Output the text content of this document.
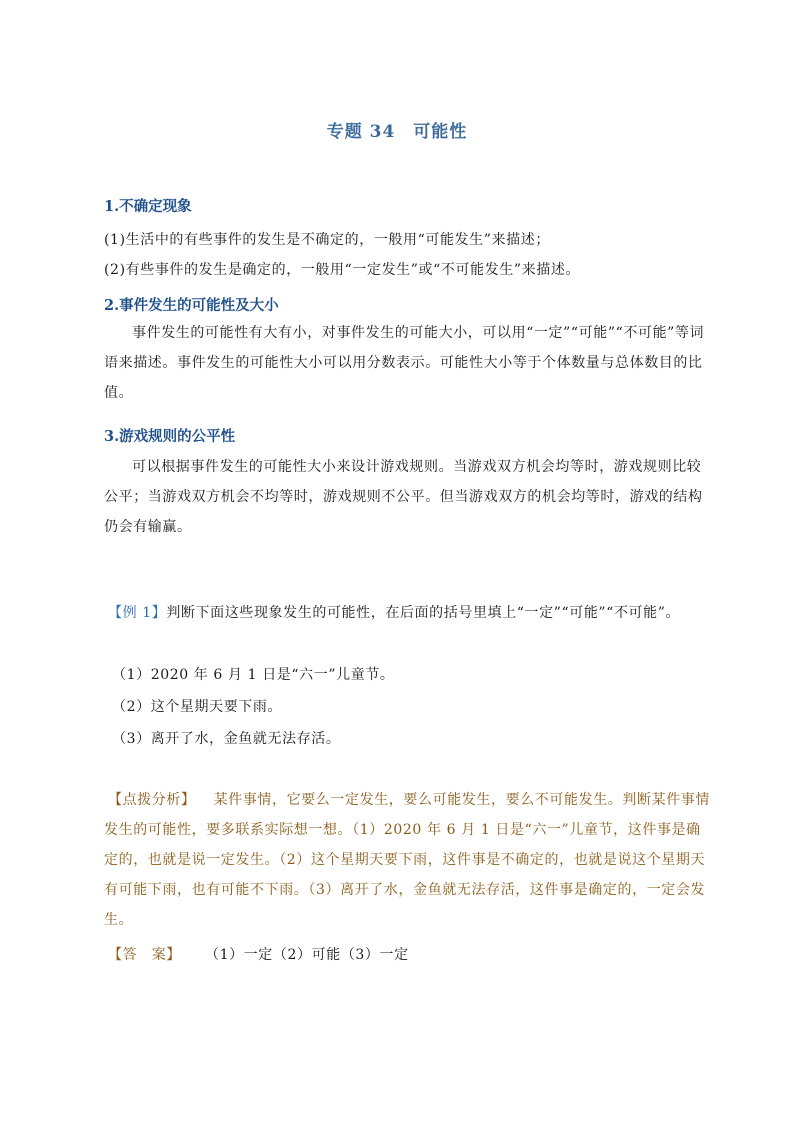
专题 34　可能性
1.不确定现象
(1)生活中的有些事件的发生是不确定的，一般用“可能发生”来描述；
(2)有些事件的发生是确定的，一般用“一定发生”或“不可能发生”来描述。
2.事件发生的可能性及大小
事件发生的可能性有大有小，对事件发生的可能大小，可以用“一定”“可能”“不可能”等词语来描述。事件发生的可能性大小可以用分数表示。可能性大小等于个体数量与总体数目的比值。
3.游戏规则的公平性
可以根据事件发生的可能性大小来设计游戏规则。当游戏双方机会均等时，游戏规则比较公平；当游戏双方机会不均等时，游戏规则不公平。但当游戏双方的机会均等时，游戏的结构仍会有输赢。
【例 1】判断下面这些现象发生的可能性，在后面的括号里填上“一定”“可能”“不可能”。
（1）2020 年 6 月 1 日是“六一”儿童节。
（2）这个星期天要下雨。
（3）离开了水，金鱼就无法存活。
【点拨分析】 某件事情，它要么一定发生，要么可能发生，要么不可能发生。判断某件事情发生的可能性，要多联系实际想一想。（1）2020 年 6 月 1 日是“六一”儿童节，这件事是确定的，也就是说一定发生。（2）这个星期天要下雨，这件事是不确定的，也就是说这个星期天有可能下雨，也有可能不下雨。（3）离开了水，金鱼就无法存活，这件事是确定的，一定会发生。
【答　案】 （1）一定（2）可能（3）一定
